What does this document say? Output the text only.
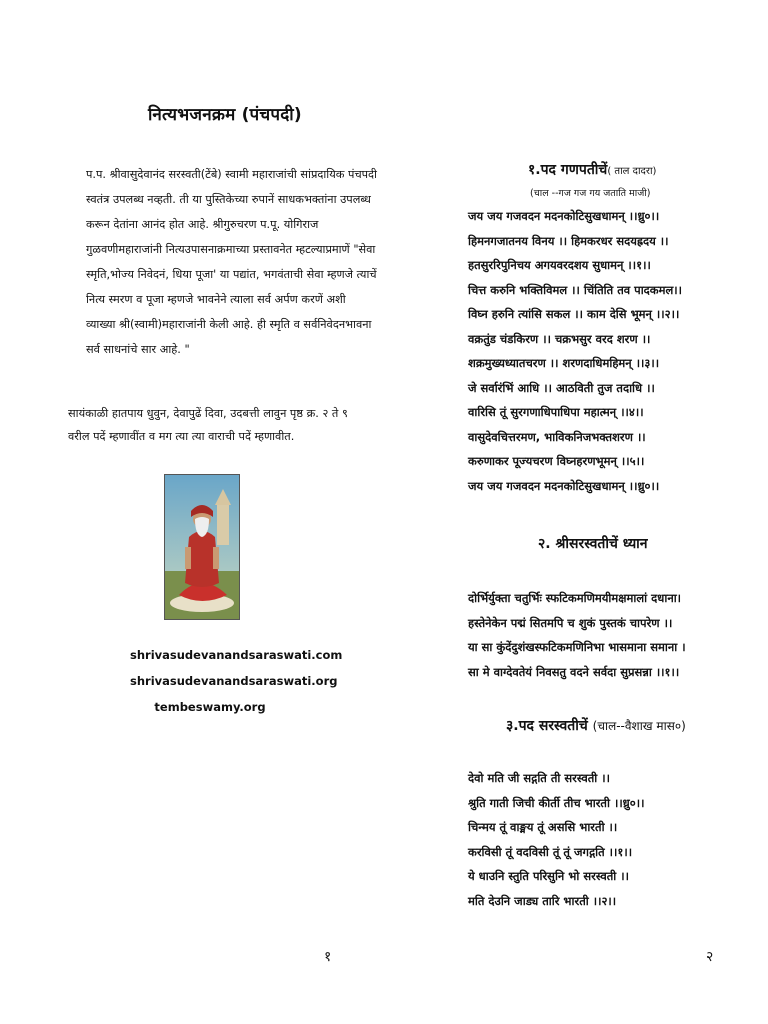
नित्यभजनक्रम (पंचपदी)
प.प. श्रीवासुदेवानंद सरस्वती(टेंबे) स्वामी महाराजांची सांप्रदायिक पंचपदी
स्वतंत्र उपलब्ध नव्हती. ती या पुस्तिकेच्या रुपानें साधकभक्तांना उपलब्ध
करून देतांना आनंद होत आहे. श्रीगुरुचरण प.पू. योगिराज
गुळवणीमहाराजांनी नित्यउपासनाक्रमाच्या प्रस्तावनेत म्हटल्याप्रमाणें "सेवा
स्मृति,भोज्य निवेदनं, धिया पूजा' या पद्यांत, भगवंताची सेवा म्हणजे त्याचें
नित्य स्मरण व पूजा म्हणजे भावनेने त्याला सर्व अर्पण करणें अशी
व्याख्या श्री(स्वामी)महाराजांनी केली आहे. ही स्मृति व सर्वनिवेदनभावना
सर्व साधनांचे सार आहे. "
सायंकाळी हातपाय धुवुन, देवापुढें दिवा, उदबत्ती लावुन पृष्ठ क्र. २ ते ९
वरील पदें म्हणावींत व मग त्या त्या वाराची पदें म्हणावीत.
shrivasudevanandsaraswati.com
shrivasudevanandsaraswati.org
tembeswamy.org
१
१.पद गणपतीचें( ताल दादरा)
(चाल --गज गज गय जताति माजी)
जय जय गजवदन मदनकोटिसुखधामन् ।।ध्रु०।।
हिमनगजातनय विनय ।। हिमकरधर सदयह्रदय ।।
हतसुररिपुनिचय अगयवरदशय सुधामन् ।।१।।
चित्त करुनि भक्तिविमल ।। चिंतिति तव पादकमल।।
विघ्न हरुनि त्यांसि सकल ।। काम देसि भूमन् ।।२।।
वक्रतुंड चंडकिरण ।। चक्रभसुर वरद शरण ।।
शक्रमुख्यध्यातचरण ।। शरणदाधिमहिमन् ।।३।।
जे सर्वारंभिं आधि ।। आठविती तुज तदाधि ।।
वारिसि तूं सुरगणाधिपाधिपा महात्मन् ।।४।।
वासुदेवचित्तरमण, भाविकनिजभक्तशरण ।।
करुणाकर पूज्यचरण विघ्नहरणभूमन् ।।५।।
जय जय गजवदन मदनकोटिसुखधामन् ।।ध्रु०।।
२. श्रीसरस्वतीचें ध्यान
दोर्भिर्युक्ता चतुर्भिः स्फटिकमणिमयीमक्षमालां दधाना।
हस्तेनेकेन पद्मं सितमपि च शुकं पुस्तकं चापरेण ।।
या सा कुंदेंदुशंखस्फटिकमणिनिभा भासमाना समाना ।
सा मे वाग्देवतेयं निवसतु वदने सर्वदा सुप्रसन्ना ।।१।।
३.पद सरस्वतीचें (चाल--वैशाख मास०)
देवो मति जी सद्गति ती सरस्वती ।।
श्रुति गाती जिची कीर्ती तीच भारती ।।ध्रु०।।
चिन्मय तूं वाङ्मय तूं अससि भारती ।।
करविसी तूं वदविसी तूं तूं जगद्गति ।।१।।
ये धाउनि स्तुति परिसुनि भो सरस्वती ।।
मति देउनि जाड्य तारि भारती ।।२।।
२
